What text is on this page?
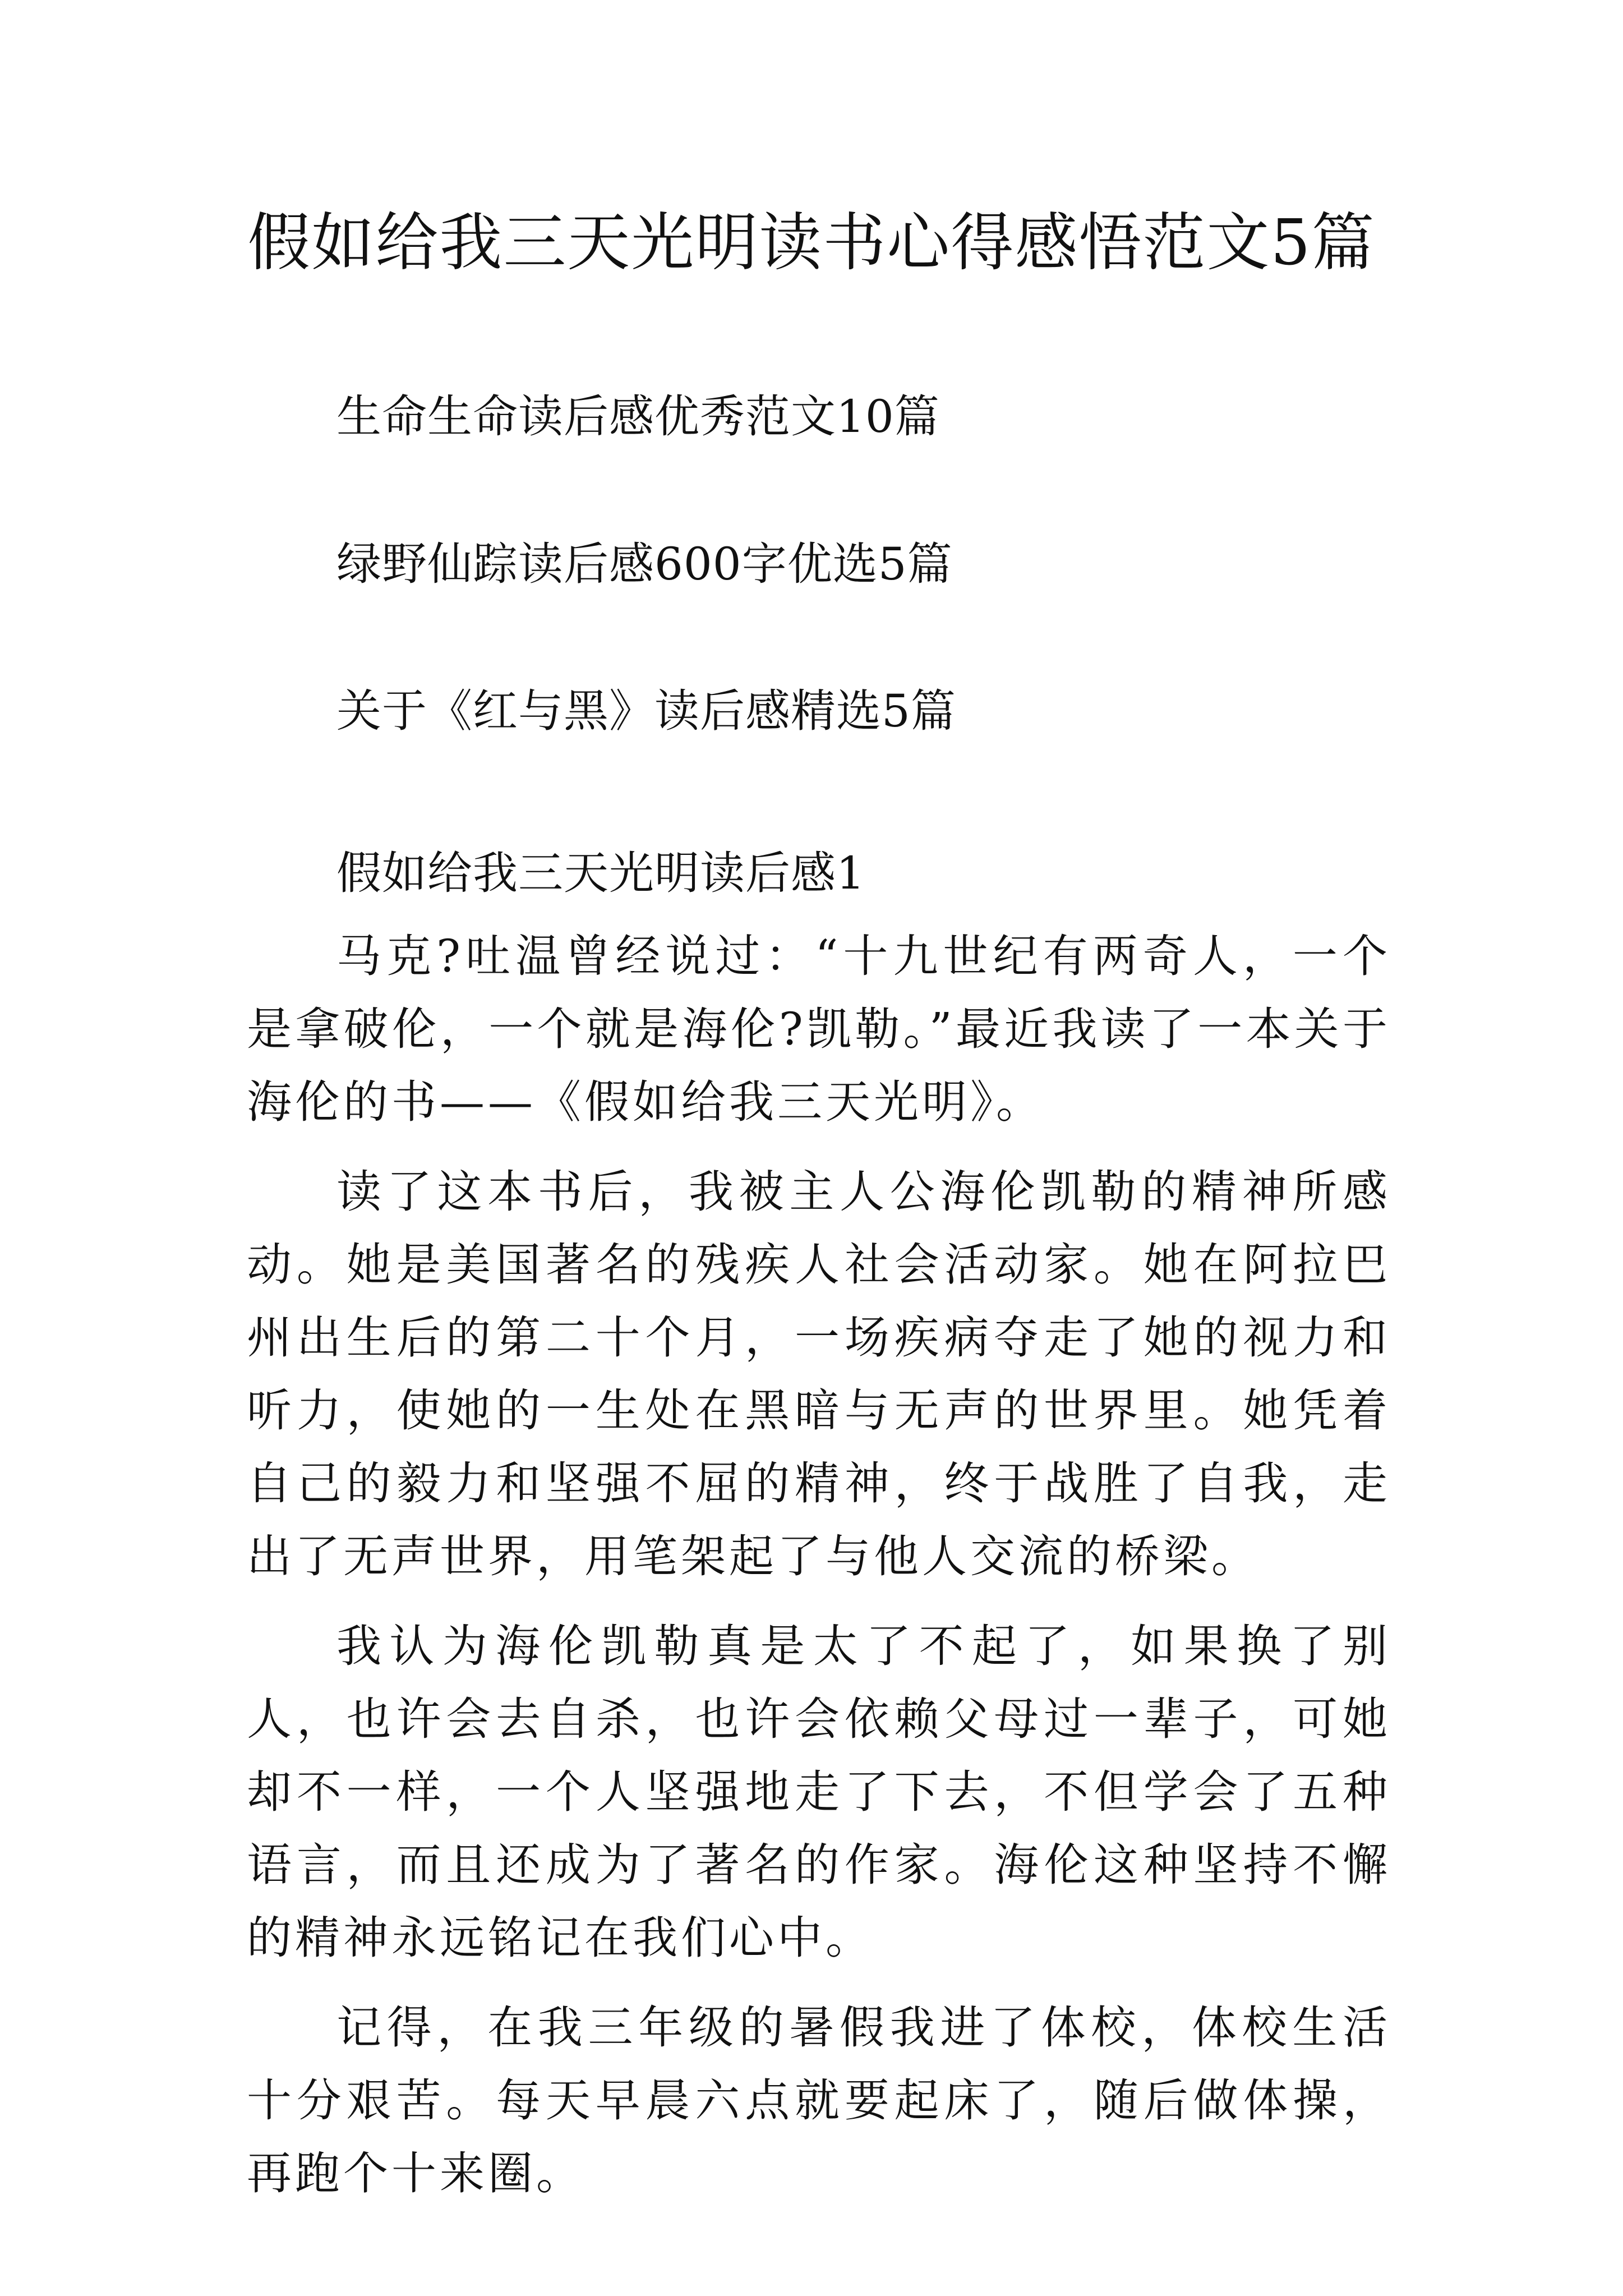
假如给我三天光明读书心得感悟范文5篇
生命生命读后感优秀范文10篇
绿野仙踪读后感600字优选5篇
关于《红与黑》读后感精选5篇
假如给我三天光明读后感1

马克?吐温曾经说过：“十九世纪有两奇人，一个是拿破伦，一个就是海伦?凯勒。”最近我读了一本关于海伦的书——《假如给我三天光明》。

读了这本书后，我被主人公海伦凯勒的精神所感动。她是美国著名的残疾人社会活动家。她在阿拉巴州出生后的第二十个月，一场疾病夺走了她的视力和听力，使她的一生处在黑暗与无声的世界里。她凭着自己的毅力和坚强不屈的精神，终于战胜了自我，走出了无声世界，用笔架起了与他人交流的桥梁。

我认为海伦凯勒真是太了不起了，如果换了别人，也许会去自杀，也许会依赖父母过一辈子，可她却不一样，一个人坚强地走了下去，不但学会了五种语言，而且还成为了著名的作家。海伦这种坚持不懈的精神永远铭记在我们心中。

记得，在我三年级的暑假我进了体校，体校生活十分艰苦。每天早晨六点就要起床了，随后做体操，再跑个十来圈。
